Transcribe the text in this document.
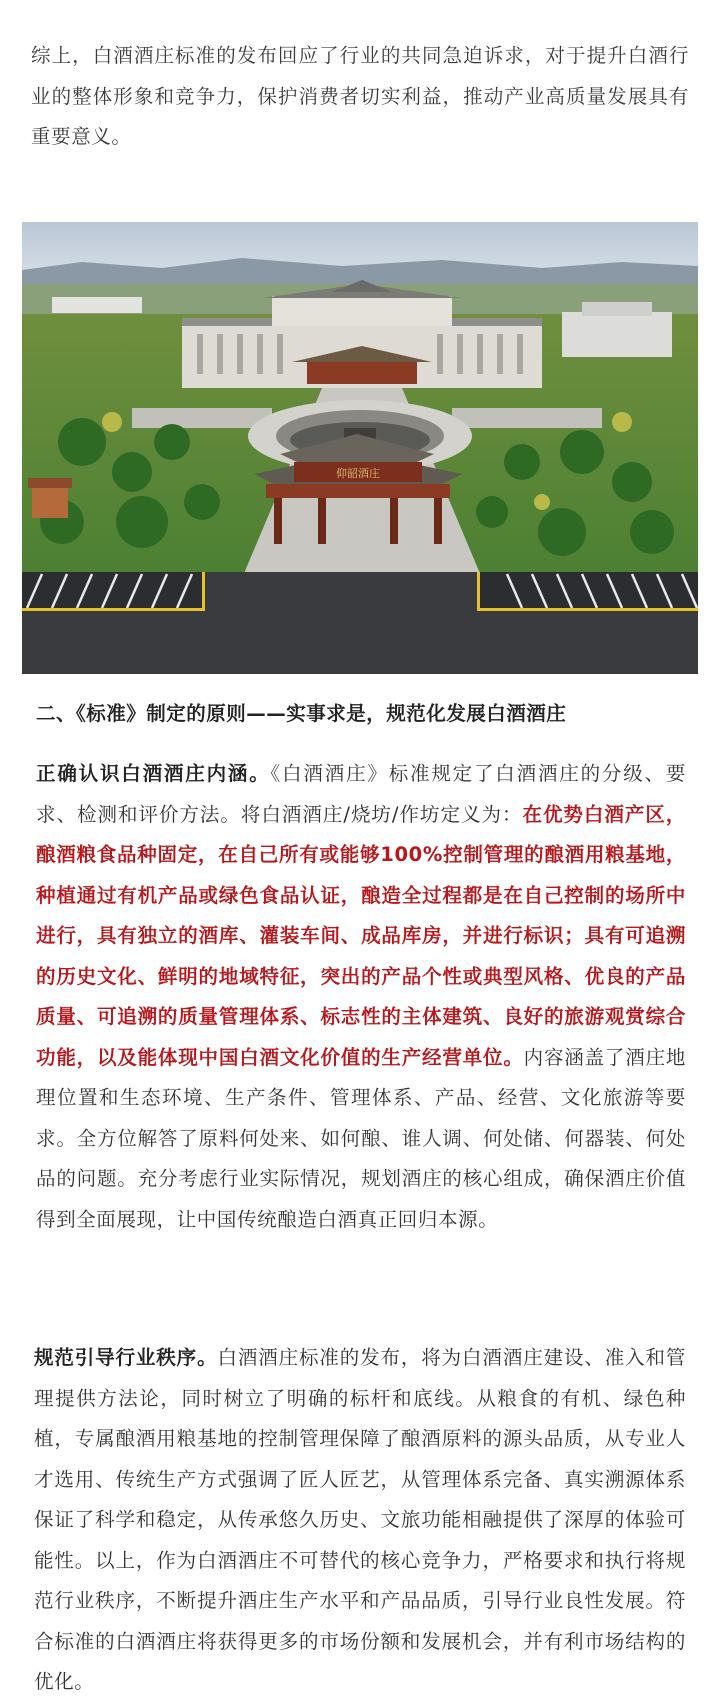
综上，白酒酒庄标准的发布回应了行业的共同急迫诉求，对于提升白酒行业的整体形象和竞争力，保护消费者切实利益，推动产业高质量发展具有重要意义。

仰韶酒庄
二、《标准》制定的原则——实事求是，规范化发展白酒酒庄

正确认识白酒酒庄内涵。《白酒酒庄》标准规定了白酒酒庄的分级、要求、检测和评价方法。将白酒酒庄/烧坊/作坊定义为：在优势白酒产区，酿酒粮食品种固定，在自己所有或能够100%控制管理的酿酒用粮基地，种植通过有机产品或绿色食品认证，酿造全过程都是在自己控制的场所中进行，具有独立的酒库、灌装车间、成品库房，并进行标识；具有可追溯的历史文化、鲜明的地域特征，突出的产品个性或典型风格、优良的产品质量、可追溯的质量管理体系、标志性的主体建筑、良好的旅游观赏综合功能，以及能体现中国白酒文化价值的生产经营单位。内容涵盖了酒庄地理位置和生态环境、生产条件、管理体系、产品、经营、文化旅游等要求。全方位解答了原料何处来、如何酿、谁人调、何处储、何器装、何处品的问题。充分考虑行业实际情况，规划酒庄的核心组成，确保酒庄价值得到全面展现，让中国传统酿造白酒真正回归本源。

规范引导行业秩序。白酒酒庄标准的发布，将为白酒酒庄建设、准入和管理提供方法论，同时树立了明确的标杆和底线。从粮食的有机、绿色种植，专属酿酒用粮基地的控制管理保障了酿酒原料的源头品质，从专业人才选用、传统生产方式强调了匠人匠艺，从管理体系完备、真实溯源体系保证了科学和稳定，从传承悠久历史、文旅功能相融提供了深厚的体验可能性。以上，作为白酒酒庄不可替代的核心竞争力，严格要求和执行将规范行业秩序，不断提升酒庄生产水平和产品品质，引导行业良性发展。符合标准的白酒酒庄将获得更多的市场份额和发展机会，并有利市场结构的优化。
